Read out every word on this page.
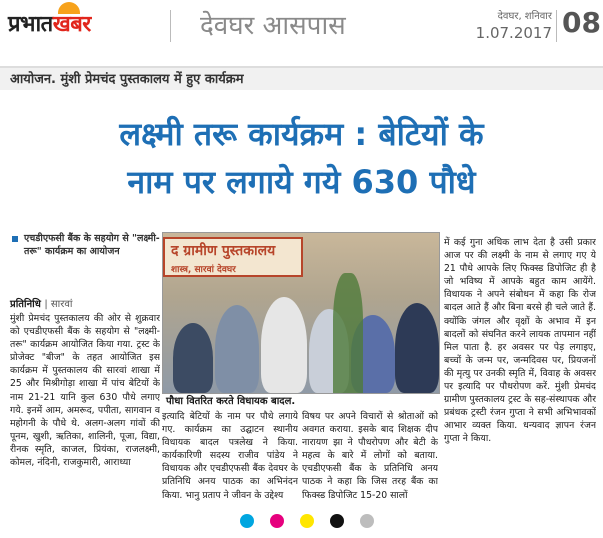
प्रभातखबर	देवघर आसपास	देवघर, शनिवार
1.07.2017 08
आयोजन. मुंशी प्रेमचंद पुस्तकालय में हुए कार्यक्रम
लक्ष्मी तरू कार्यक्रम : बेटियों के
नाम पर लगाये गये 630 पौधे
एचडीएफसी बैंक के सहयोग से "लक्ष्मी-तरू" कार्यक्रम का आयोजन
प्रतिनिधि | सारवां
द ग्रामीण पुस्तकालय
शास्त्र, सारवां देवघर
पौधा वितरित करते विधायक बादल.
मुंशी प्रेमचंद पुस्तकालय की ओर से शुक्रवार को एचडीएफसी बैंक के सहयोग से "लक्ष्मी-तरू" कार्यक्रम आयोजित किया गया. ट्रस्ट के प्रोजेक्ट "बीज" के तहत आयोजित इस कार्यक्रम में पुस्तकालय की सारवां शाखा में 25 और मिश्रीगोड़ा शाखा में पांच बेटियों के नाम 21-21 यानि कुल 630 पौधे लगाए गये. इनमें आम, अमरूद, पपीता, सागवान व महोगनी के पौधे थे. अलग-अलग गांवों की पूनम, खुशी, ऋतिका, शालिनी, पूजा, विद्या, रीनक स्मृति, काजल, प्रियंका, राजलक्ष्मी, कोमल, नंदिनी, राजकुमारी, आराध्या
इत्यादि बेटियों के नाम पर पौधे लगाये गए. कार्यक्रम का उद्घाटन स्थानीय विधायक बादल पत्रलेख ने किया. कार्यकारिणी सदस्य राजीव पांडेय ने विधायक और एचडीएफसी बैंक देवघर के प्रतिनिधि अनय पाठक का अभिनंदन किया. भानु प्रताप ने जीवन के उद्देश्य
विषय पर अपने विचारों से श्रोताओं को अवगत कराया. इसके बाद शिक्षक दीप नारायण झा ने पौधरोपण और बेटी के महत्व के बारे में लोगों को बताया. एचडीएफसी बैंक के प्रतिनिधि अनय पाठक ने कहा कि जिस तरह बैंक का फिक्स्ड डिपोजिट 15-20 सालों
में कई गुना अधिक लाभ देता है उसी प्रकार आज पर की लक्ष्मी के नाम से लगाए गए ये 21 पौधे आपके लिए फिक्स्ड डिपोजिट ही है जो भविष्य में आपके बहुत काम आयेंगे. विधायक ने अपने संबोधन में कहा कि रोज बादल आते हैं और बिना बरसे ही चले जाते हैं. क्योंकि जंगल और वृक्षों के अभाव में इन बादलों को संघनित करने लायक तापमान नहीं मिल पाता है. हर अवसर पर पेड़ लगाइए, बच्चों के जन्म पर, जन्मदिवस पर, प्रियजनों की मृत्यु पर उनकी स्मृति में, विवाह के अवसर पर इत्यादि पर पौधरोपण करें. मुंशी प्रेमचंद ग्रामीण पुस्तकालय ट्रस्ट के सह-संस्थापक और प्रबंधक ट्रस्टी रंजन गुप्ता ने सभी अभिभावकों आभार व्यक्त किया. धन्यवाद ज्ञापन रंजन गुप्ता ने किया.
